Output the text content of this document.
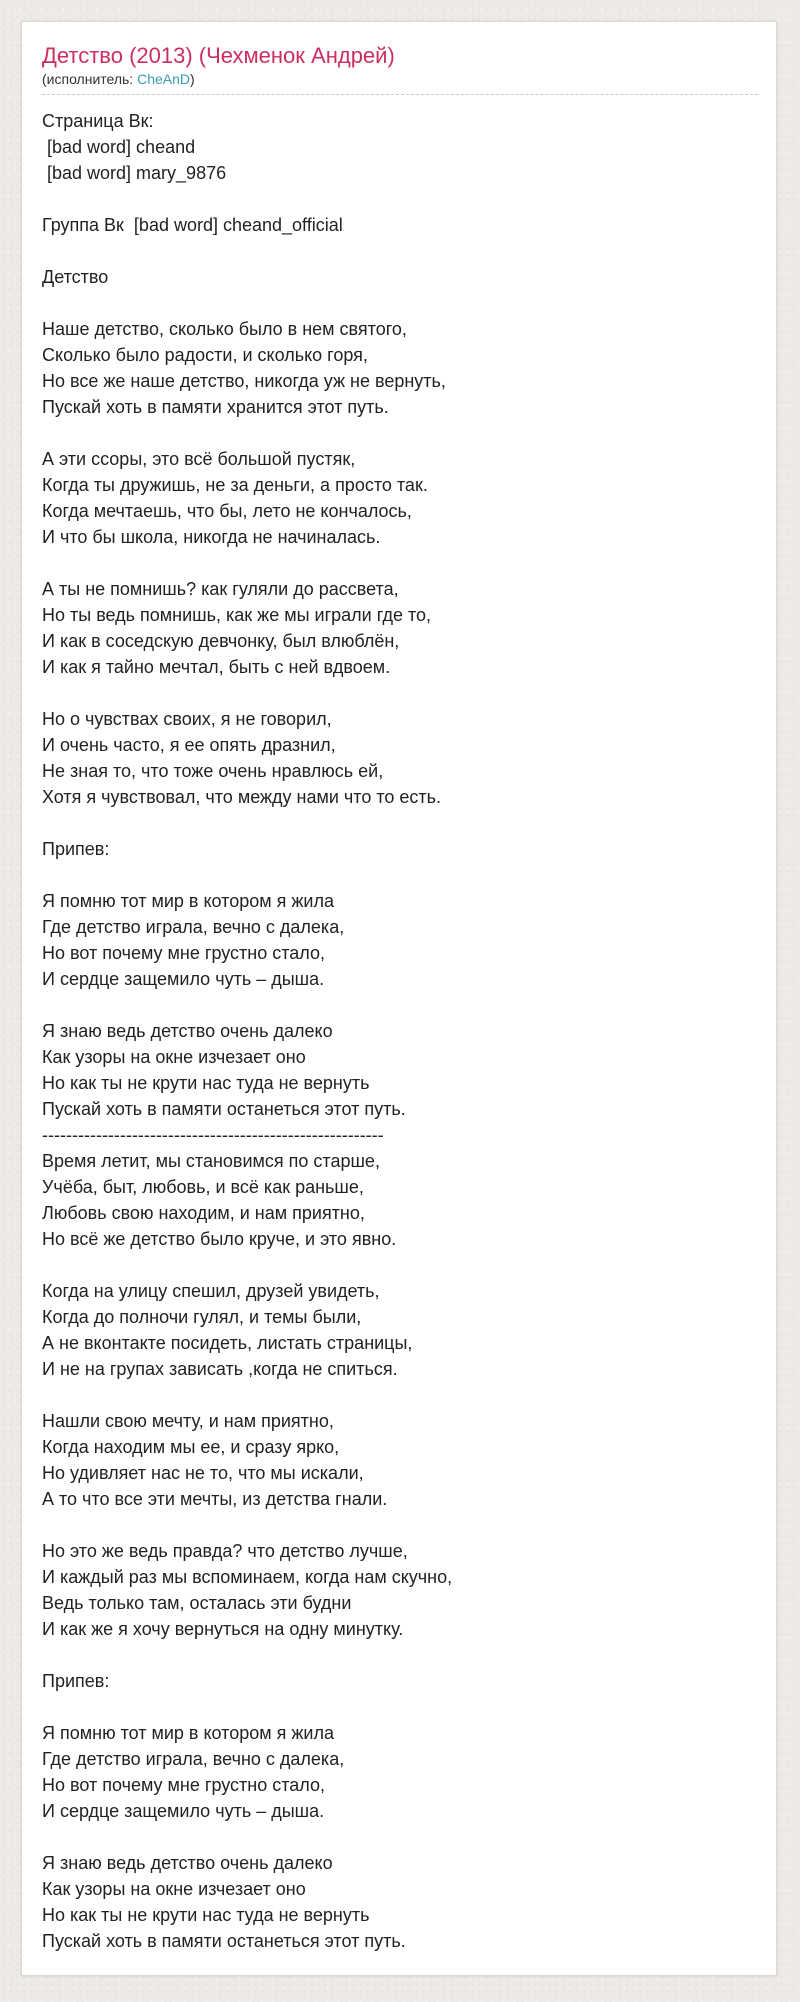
Детство (2013) (Чехменок Андрей)
(исполнитель: CheAnD)
Страница Вк:
[bad word] cheand
[bad word] mary_9876
Группа Вк  [bad word] cheand_official
Детство
Наше детство, сколько было в нем святого,
Сколько было радости, и сколько горя,
Но все же наше детство, никогда уж не вернуть,
Пускай хоть в памяти хранится этот путь.
А эти ссоры, это всё большой пустяк,
Когда ты дружишь, не за деньги, а просто так.
Когда мечтаешь, что бы, лето не кончалось,
И что бы школа, никогда не начиналась.
А ты не помнишь? как гуляли до рассвета,
Но ты ведь помнишь, как же мы играли где то,
И как в соседскую девчонку, был влюблён,
И как я тайно мечтал, быть с ней вдвоем.
Но о чувствах своих, я не говорил,
И очень часто, я ее опять дразнил,
Не зная то, что тоже очень нравлюсь ей,
Хотя я чувствовал, что между нами что то есть.
Припев:
Я помню тот мир в котором я жила
Где детство играла, вечно с далека,
Но вот почему мне грустно стало,
И сердце защемило чуть – дыша.
Я знаю ведь детство очень далеко
Как узоры на окне изчезает оно
Но как ты не крути нас туда не вернуть
Пускай хоть в памяти останеться этот путь.
---------------------------------------------------------
Время летит, мы становимся по старше,
Учёба, быт, любовь, и всё как раньше,
Любовь свою находим, и нам приятно,
Но всё же детство было круче, и это явно.
Когда на улицу спешил, друзей увидеть,
Когда до полночи гулял, и темы были,
А не вконтакте посидеть, листать страницы,
И не на групах зависать ,когда не спиться.
Нашли свою мечту, и нам приятно,
Когда находим мы ее, и сразу ярко,
Но удивляет нас не то, что мы искали,
А то что все эти мечты, из детства гнали.
Но это же ведь правда? что детство лучше,
И каждый раз мы вспоминаем, когда нам скучно,
Ведь только там, осталась эти будни
И как же я хочу вернуться на одну минутку.
Припев:
Я помню тот мир в котором я жила
Где детство играла, вечно с далека,
Но вот почему мне грустно стало,
И сердце защемило чуть – дыша.
Я знаю ведь детство очень далеко
Как узоры на окне изчезает оно
Но как ты не крути нас туда не вернуть
Пускай хоть в памяти останеться этот путь.
